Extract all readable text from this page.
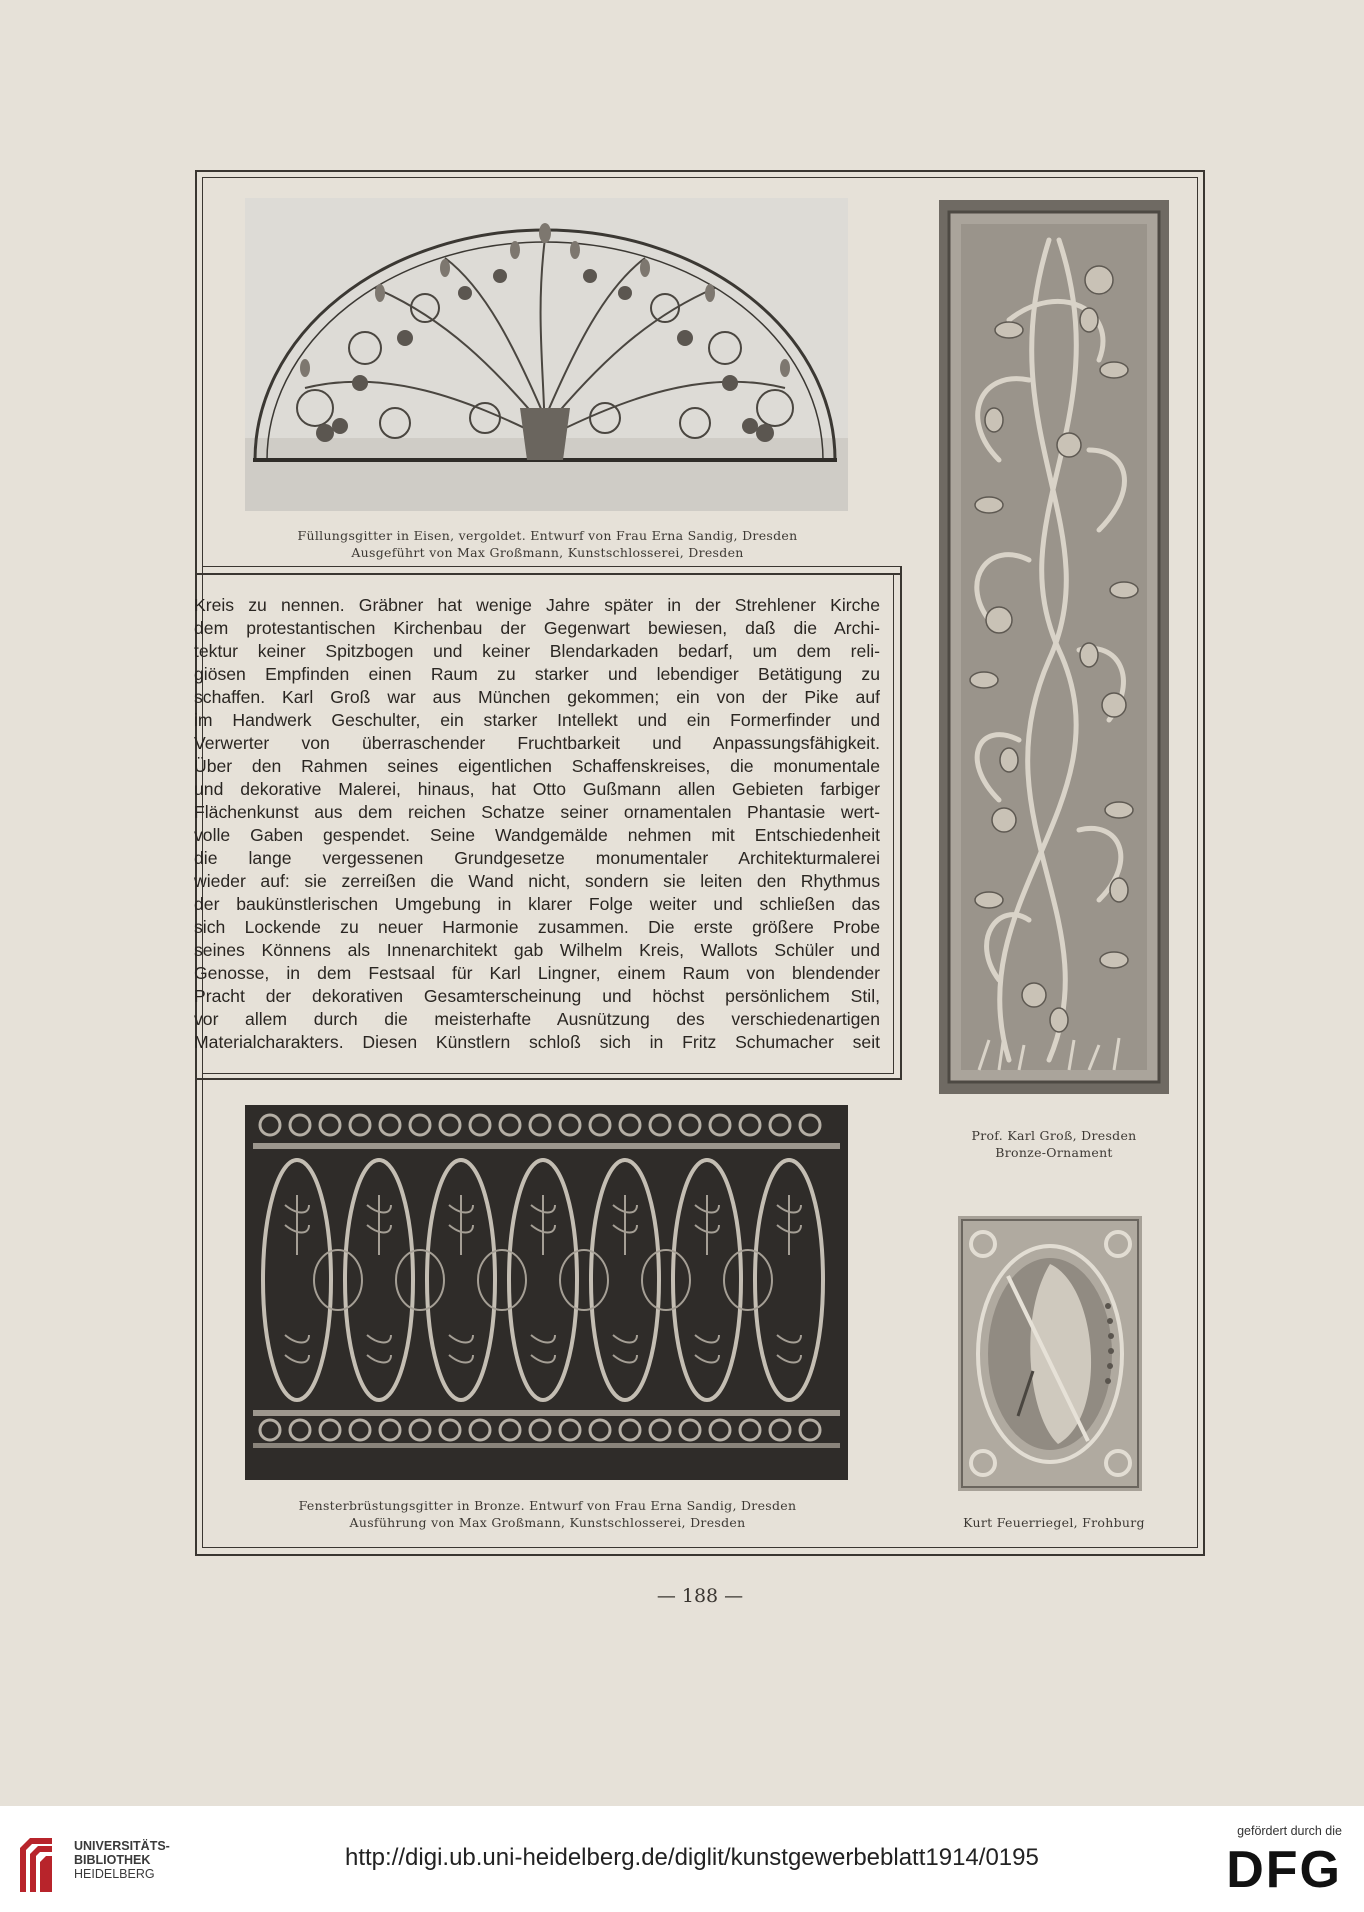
Füllungsgitter in Eisen, vergoldet. Entwurf von Frau Erna Sandig, Dresden
Ausgeführt von Max Großmann, Kunstschlosserei, Dresden
Prof. Karl Groß, Dresden
Bronze-Ornament
Kreis zu nennen. Gräbner hat wenige Jahre später in der Strehlener Kirche
dem protestantischen Kirchenbau der Gegenwart bewiesen, daß die Archi-
tektur keiner Spitzbogen und keiner Blendarkaden bedarf, um dem reli-
giösen Empfinden einen Raum zu starker und lebendiger Betätigung zu
schaffen. Karl Groß war aus München gekommen; ein von der Pike auf
im Handwerk Geschulter, ein starker Intellekt und ein Formerfinder und
Verwerter von überraschender Fruchtbarkeit und Anpassungsfähigkeit.
Über den Rahmen seines eigentlichen Schaffenskreises, die monumentale
und dekorative Malerei, hinaus, hat Otto Gußmann allen Gebieten farbiger
Flächenkunst aus dem reichen Schatze seiner ornamentalen Phantasie wert-
volle Gaben gespendet. Seine Wandgemälde nehmen mit Entschiedenheit
die lange vergessenen Grundgesetze monumentaler Architekturmalerei
wieder auf: sie zerreißen die Wand nicht, sondern sie leiten den Rhythmus
der baukünstlerischen Umgebung in klarer Folge weiter und schließen das
sich Lockende zu neuer Harmonie zusammen. Die erste größere Probe
seines Könnens als Innenarchitekt gab Wilhelm Kreis, Wallots Schüler und
Genosse, in dem Festsaal für Karl Lingner, einem Raum von blendender
Pracht der dekorativen Gesamterscheinung und höchst persönlichem Stil,
vor allem durch die meisterhafte Ausnützung des verschiedenartigen
Materialcharakters. Diesen Künstlern schloß sich in Fritz Schumacher seit
Fensterbrüstungsgitter in Bronze. Entwurf von Frau Erna Sandig, Dresden
Ausführung von Max Großmann, Kunstschlosserei, Dresden	Kurt Feuerriegel, Frohburg
— 188 —
UNIVERSITÄTS-
BIBLIOTHEK
HEIDELBERG
http://digi.ub.uni-heidelberg.de/diglit/kunstgewerbeblatt1914/0195
gefördert durch die
DFG
